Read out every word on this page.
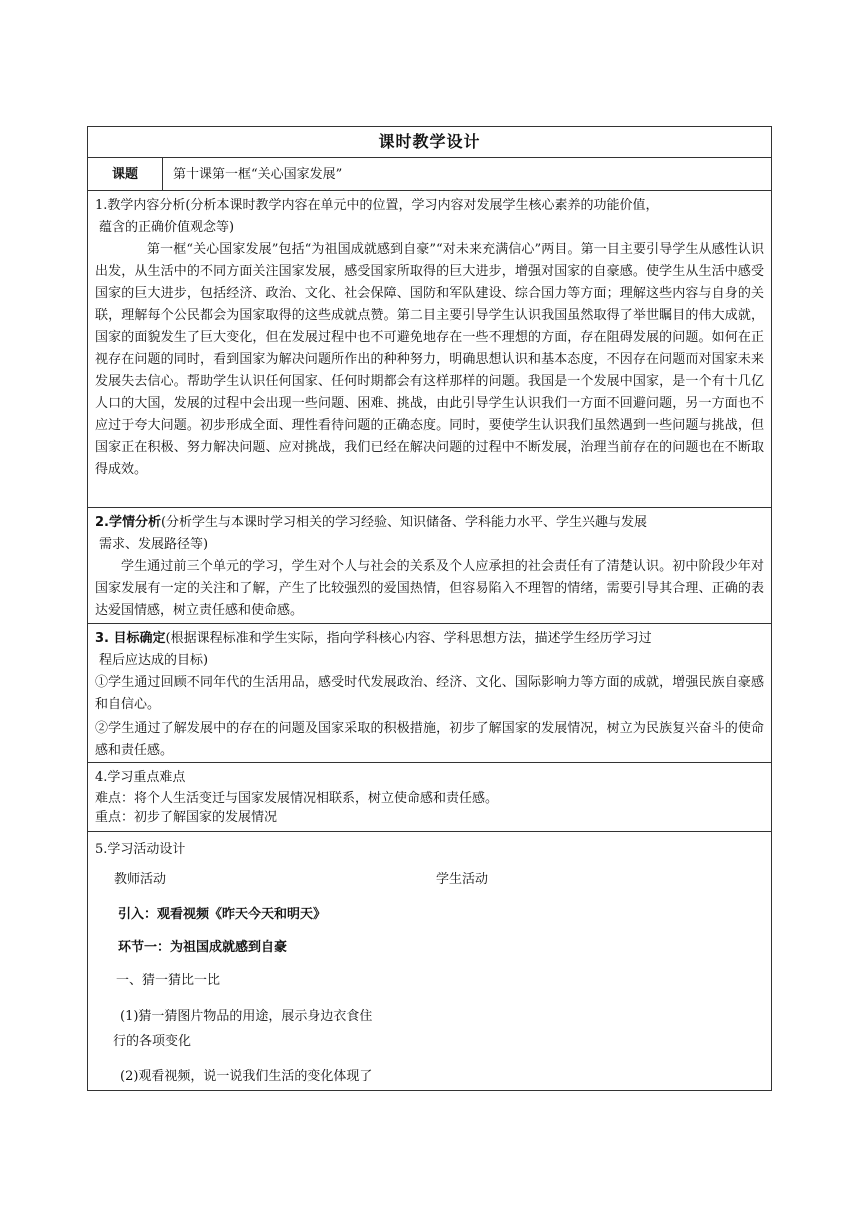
课时教学设计
课题	第十课第一框“关心国家发展”

1.教学内容分析(分析本课时教学内容在单元中的位置，学习内容对发展学生核心素养的功能价值，

蕴含的正确价值观念等)

第一框“关心国家发展”包括“为祖国成就感到自豪”“对未来充满信心”两目。第一目主要引导学生从感性认识出发，从生活中的不同方面关注国家发展，感受国家所取得的巨大进步，增强对国家的自豪感。使学生从生活中感受国家的巨大进步，包括经济、政治、文化、社会保障、国防和军队建设、综合国力等方面；理解这些内容与自身的关联，理解每个公民都会为国家取得的这些成就点赞。第二目主要引导学生认识我国虽然取得了举世瞩目的伟大成就，国家的面貌发生了巨大变化，但在发展过程中也不可避免地存在一些不理想的方面，存在阻碍发展的问题。如何在正视存在问题的同时，看到国家为解决问题所作出的种种努力，明确思想认识和基本态度，不因存在问题而对国家未来发展失去信心。帮助学生认识任何国家、任何时期都会有这样那样的问题。我国是一个发展中国家，是一个有十几亿人口的大国，发展的过程中会出现一些问题、困难、挑战，由此引导学生认识我们一方面不回避问题，另一方面也不应过于夸大问题。初步形成全面、理性看待问题的正确态度。同时，要使学生认识我们虽然遇到一些问题与挑战，但国家正在积极、努力解决问题、应对挑战，我们已经在解决问题的过程中不断发展，治理当前存在的问题也在不断取得成效。

2.学情分析(分析学生与本课时学习相关的学习经验、知识储备、学科能力水平、学生兴趣与发展

需求、发展路径等)

学生通过前三个单元的学习，学生对个人与社会的关系及个人应承担的社会责任有了清楚认识。初中阶段少年对国家发展有一定的关注和了解，产生了比较强烈的爱国热情，但容易陷入不理智的情绪，需要引导其合理、正确的表达爱国情感，树立责任感和使命感。

3. 目标确定(根据课程标准和学生实际，指向学科核心内容、学科思想方法，描述学生经历学习过

程后应达成的目标)

①学生通过回顾不同年代的生活用品，感受时代发展政治、经济、文化、国际影响力等方面的成就，增强民族自豪感和自信心。

②学生通过了解发展中的存在的问题及国家采取的积极措施，初步了解国家的发展情况，树立为民族复兴奋斗的使命感和责任感。

4.学习重点难点

难点：将个人生活变迁与国家发展情况相联系，树立使命感和责任感。

重点：初步了解国家的发展情况

5.学习活动设计
教师活动	学生活动
引入：观看视频《昨天今天和明天》
环节一：为祖国成就感到自豪
一、猜一猜比一比
(1)猜一猜图片物品的用途，展示身边衣食住
行的各项变化
(2)观看视频，说一说我们生活的变化体现了
